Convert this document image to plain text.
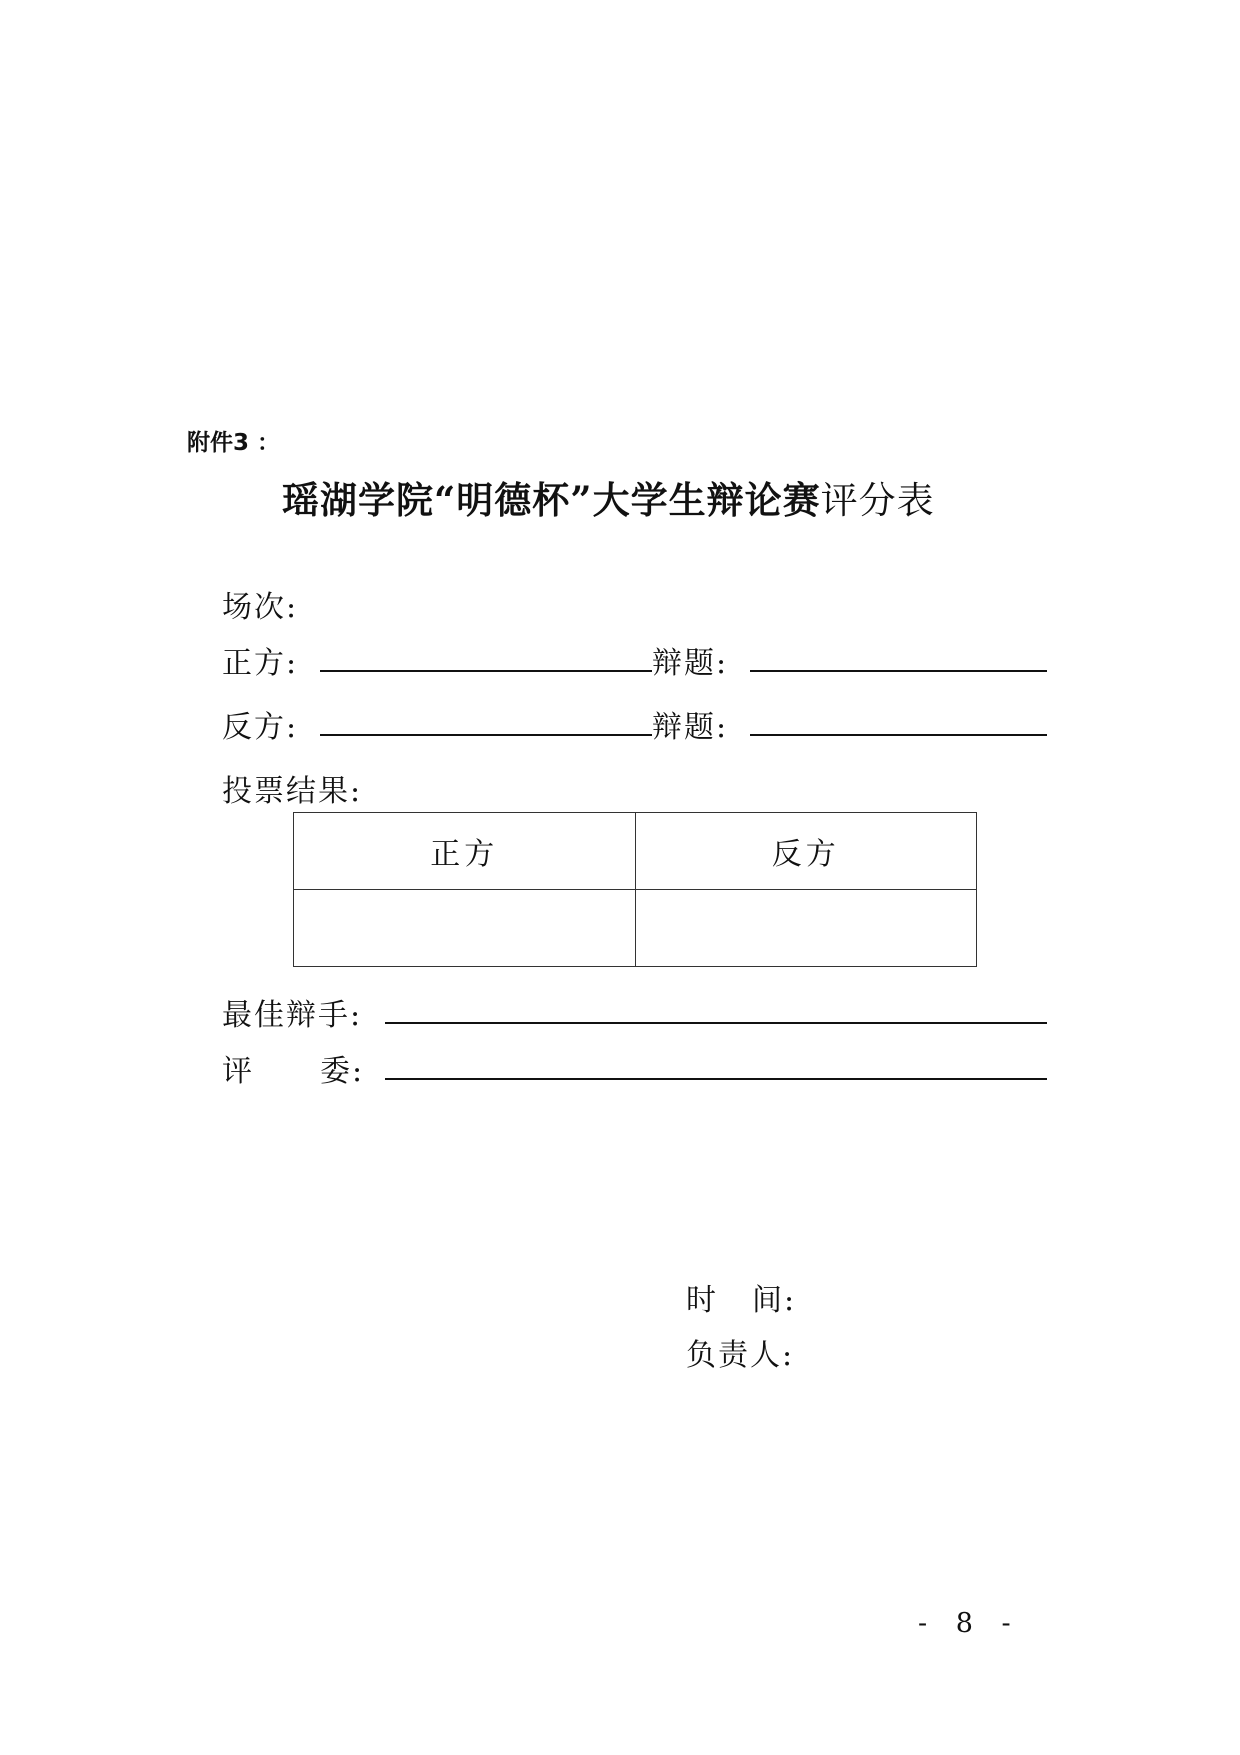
附件3 ：
瑶湖学院“明德杯”大学生辩论赛评分表
场次:
正方:	辩题:
反方:	辩题:
投票结果:
正方	反方

最佳辩手:
评 委:
时 间:
负责人:
- 8 -
